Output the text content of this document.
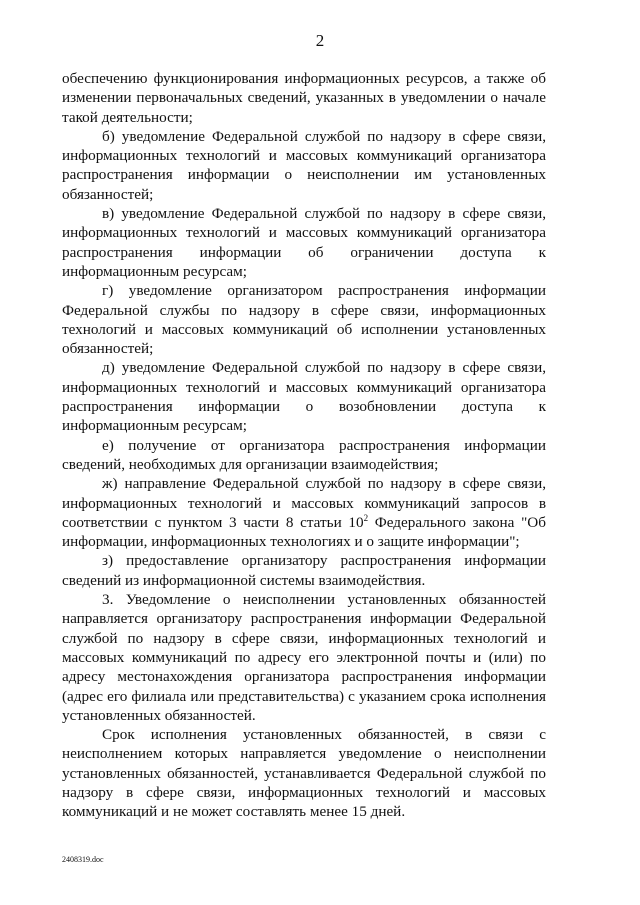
2

обеспечению функционирования информационных ресурсов, а также об изменении первоначальных сведений, указанных в уведомлении о начале такой деятельности;

б) уведомление Федеральной службой по надзору в сфере связи, информационных технологий и массовых коммуникаций организатора распространения информации о неисполнении им установленных обязанностей;

в) уведомление Федеральной службой по надзору в сфере связи, информационных технологий и массовых коммуникаций организатора распространения информации об ограничении доступа к информационным ресурсам;

г) уведомление организатором распространения информации Федеральной службы по надзору в сфере связи, информационных технологий и массовых коммуникаций об исполнении установленных обязанностей;

д) уведомление Федеральной службой по надзору в сфере связи, информационных технологий и массовых коммуникаций организатора распространения информации о возобновлении доступа к информационным ресурсам;

е) получение от организатора распространения информации сведений, необходимых для организации взаимодействия;

ж) направление Федеральной службой по надзору в сфере связи, информационных технологий и массовых коммуникаций запросов в соответствии с пунктом 3 части 8 статьи $10^2$ Федерального закона "Об информации, информационных технологиях и о защите информации";

з) предоставление организатору распространения информации сведений из информационной системы взаимодействия.

3. Уведомление о неисполнении установленных обязанностей направляется организатору распространения информации Федеральной службой по надзору в сфере связи, информационных технологий и массовых коммуникаций по адресу его электронной почты и (или) по адресу местонахождения организатора распространения информации (адрес его филиала или представительства) с указанием срока исполнения установленных обязанностей.

Срок исполнения установленных обязанностей, в связи с неисполнением которых направляется уведомление о неисполнении установленных обязанностей, устанавливается Федеральной службой по надзору в сфере связи, информационных технологий и массовых коммуникаций и не может составлять менее 15 дней.

2408319.doc
